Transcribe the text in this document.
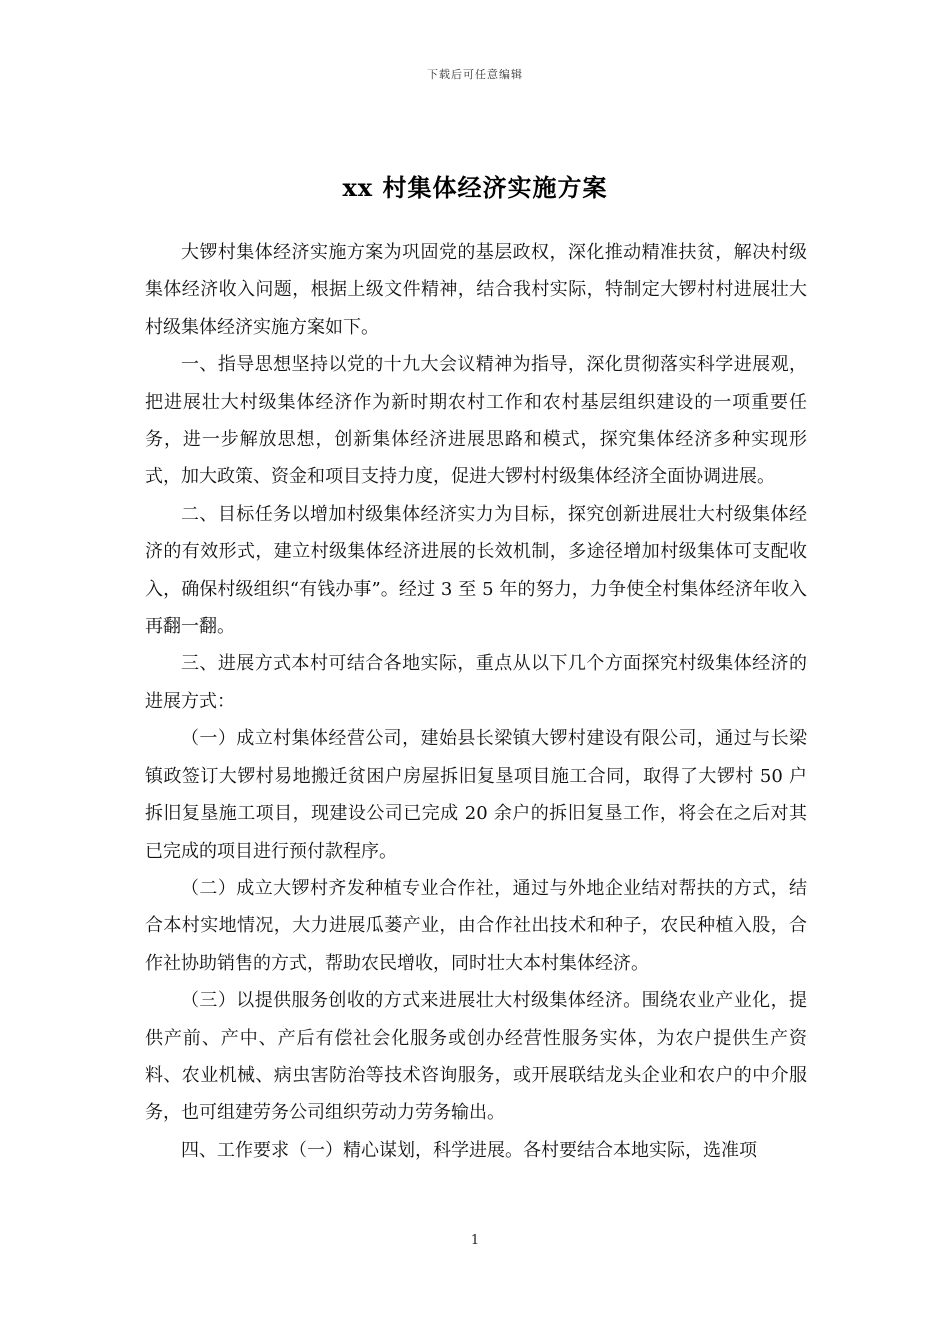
下载后可任意编辑
xx 村集体经济实施方案

大锣村集体经济实施方案为巩固党的基层政权，深化推动精准扶贫，解决村级集体经济收入问题，根据上级文件精神，结合我村实际，特制定大锣村村进展壮大村级集体经济实施方案如下。

一、指导思想坚持以党的十九大会议精神为指导，深化贯彻落实科学进展观，把进展壮大村级集体经济作为新时期农村工作和农村基层组织建设的一项重要任务，进一步解放思想，创新集体经济进展思路和模式，探究集体经济多种实现形式，加大政策、资金和项目支持力度，促进大锣村村级集体经济全面协调进展。

二、目标任务以增加村级集体经济实力为目标，探究创新进展壮大村级集体经济的有效形式，建立村级集体经济进展的长效机制，多途径增加村级集体可支配收入，确保村级组织“有钱办事”。经过 3 至 5 年的努力，力争使全村集体经济年收入再翻一翻。

三、进展方式本村可结合各地实际，重点从以下几个方面探究村级集体经济的进展方式：

（一）成立村集体经营公司，建始县长梁镇大锣村建设有限公司，通过与长梁镇政签订大锣村易地搬迁贫困户房屋拆旧复垦项目施工合同，取得了大锣村 50 户拆旧复垦施工项目，现建设公司已完成 20 余户的拆旧复垦工作，将会在之后对其已完成的项目进行预付款程序。

（二）成立大锣村齐发种植专业合作社，通过与外地企业结对帮扶的方式，结合本村实地情况，大力进展瓜蒌产业，由合作社出技术和种子，农民种植入股，合作社协助销售的方式，帮助农民增收，同时壮大本村集体经济。

（三）以提供服务创收的方式来进展壮大村级集体经济。围绕农业产业化，提供产前、产中、产后有偿社会化服务或创办经营性服务实体，为农户提供生产资料、农业机械、病虫害防治等技术咨询服务，或开展联结龙头企业和农户的中介服务，也可组建劳务公司组织劳动力劳务输出。

四、工作要求（一）精心谋划，科学进展。各村要结合本地实际，选准项

1
